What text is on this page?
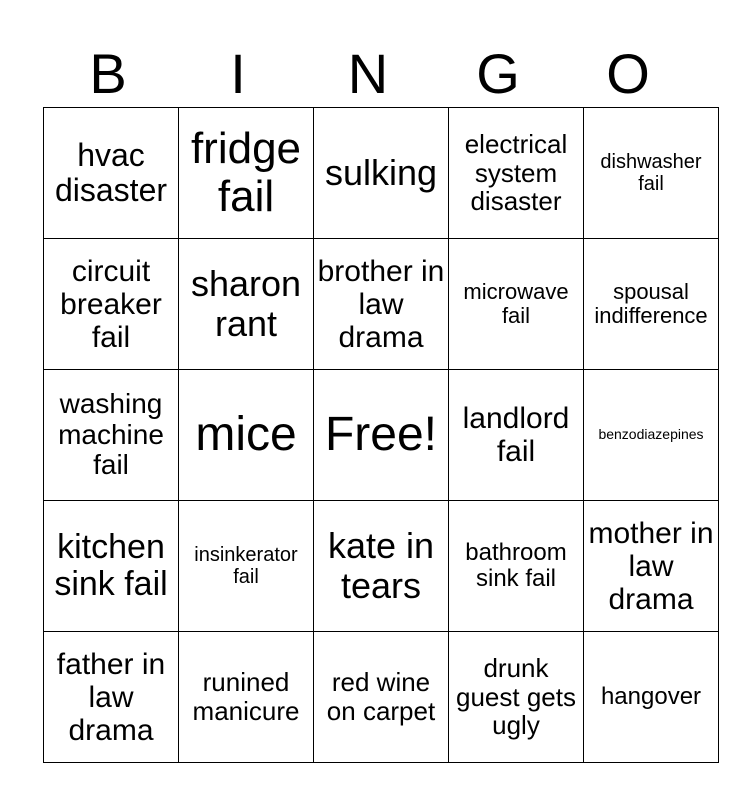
B	I	N	G	O
hvac disaster	fridge fail	sulking	electrical system disaster	dishwasher fail
circuit breaker fail	sharon rant	brother in law drama	microwave fail	spousal indifference
washing machine fail	mice	Free!	landlord fail	benzodiazepines
kitchen sink fail	insinkerator fail	kate in tears	bathroom sink fail	mother in law drama
father in law drama	runined manicure	red wine on carpet	drunk guest gets ugly	hangover
